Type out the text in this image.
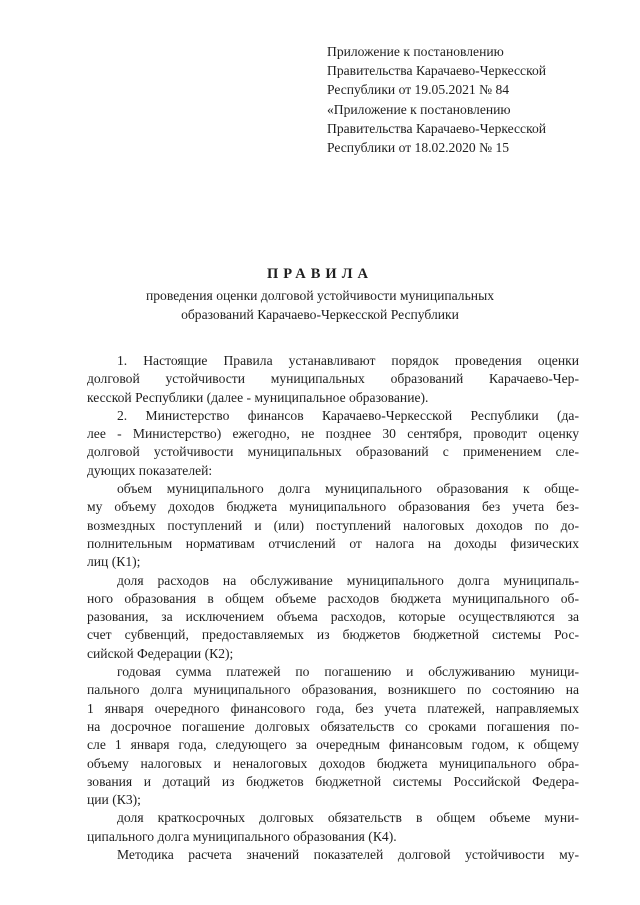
Приложение к постановлению
Правительства Карачаево-Черкесской
Республики от 19.05.2021 № 84
«Приложение к постановлению
Правительства Карачаево-Черкесской
Республики от 18.02.2020 № 15
ПРАВИЛА
проведения оценки долговой устойчивости муниципальных
образований Карачаево-Черкесской Республики
1. Настоящие Правила устанавливают порядок проведения оценки
долговой устойчивости муниципальных образований Карачаево-Чер-
кесской Республики (далее - муниципальное образование).
2. Министерство финансов Карачаево-Черкесской Республики (да-
лее - Министерство) ежегодно, не позднее 30 сентября, проводит оценку
долговой устойчивости муниципальных образований с применением сле-
дующих показателей:
объем муниципального долга муниципального образования к обще-
му объему доходов бюджета муниципального образования без учета без-
возмездных поступлений и (или) поступлений налоговых доходов по до-
полнительным нормативам отчислений от налога на доходы физических
лиц (К1);
доля расходов на обслуживание муниципального долга муниципаль-
ного образования в общем объеме расходов бюджета муниципального об-
разования, за исключением объема расходов, которые осуществляются за
счет субвенций, предоставляемых из бюджетов бюджетной системы Рос-
сийской Федерации (К2);
годовая сумма платежей по погашению и обслуживанию муници-
пального долга муниципального образования, возникшего по состоянию на
1 января очередного финансового года, без учета платежей, направляемых
на досрочное погашение долговых обязательств со сроками погашения по-
сле 1 января года, следующего за очередным финансовым годом, к общему
объему налоговых и неналоговых доходов бюджета муниципального обра-
зования и дотаций из бюджетов бюджетной системы Российской Федера-
ции (К3);
доля краткосрочных долговых обязательств в общем объеме муни-
ципального долга муниципального образования (К4).
Методика расчета значений показателей долговой устойчивости му-
